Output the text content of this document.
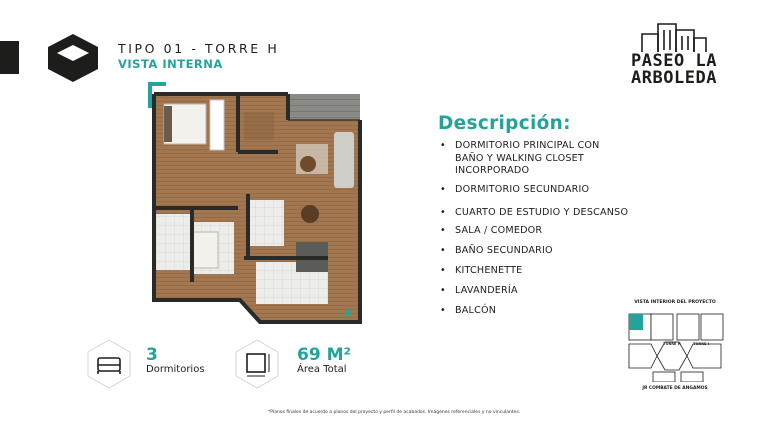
TIPO 01 - TORRE H
VISTA INTERNA	PASEO LA
ARBOLEDA
Descripción:
• DORMITORIO PRINCIPAL CON
BAÑO Y WALKING CLOSET
INCORPORADO
• DORMITORIO SECUNDARIO
• CUARTO DE ESTUDIO Y DESCANSO
• SALA / COMEDOR
• BAÑO SECUNDARIO
• KITCHENETTE
• LAVANDERÍA
• BALCÓN
3
Dormitorios
69 M²
Área Total
VISTA INTERIOR DEL PROYECTO
TORRE H	TORRE I
JR COMBATE DE ANGAMOS
*Planos finales de acuerdo a planos del proyecto y perfil de acabados. Imágenes referenciales y no vinculantes.
